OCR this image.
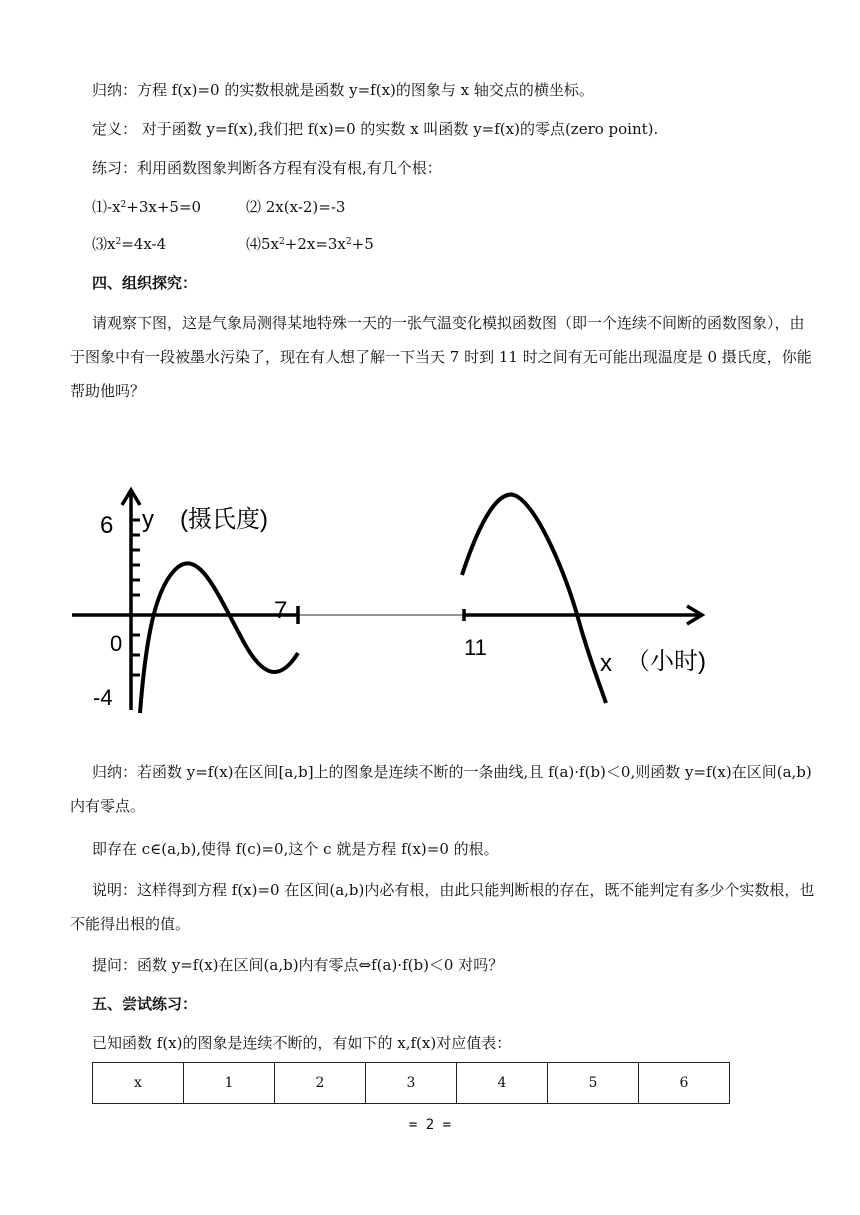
归纳：方程 f(x)=0 的实数根就是函数 y=f(x)的图象与 x 轴交点的横坐标。
定义： 对于函数 y=f(x),我们把 f(x)=0 的实数 x 叫函数 y=f(x)的零点(zero point).
练习：利用函数图象判断各方程有没有根,有几个根：
$⑴-x^2+3x+5=0$	⑵ 2x(x-2)=-3
$⑶x^2=4x-4$	$⑷5x^2+2x=3x^2+5$
四、组织探究：
请观察下图，这是气象局测得某地特殊一天的一张气温变化模拟函数图（即一个连续不间断的函数图象），由于图象中有一段被墨水污染了，现在有人想了解一下当天 7 时到 11 时之间有无可能出现温度是 0 摄氏度，你能帮助他吗？
6 y (摄氏度)
7
0
-4
11
x （小时)
归纳：若函数 y=f(x)在区间[a,b]上的图象是连续不断的一条曲线,且 f(a)·f(b)＜0,则函数 y=f(x)在区间(a,b)内有零点。
即存在 c∈(a,b),使得 f(c)=0,这个 c 就是方程 f(x)=0 的根。
说明：这样得到方程 f(x)=0 在区间(a,b)内必有根，由此只能判断根的存在，既不能判定有多少个实数根，也不能得出根的值。
提问：函数 y=f(x)在区间(a,b)内有零点⇔f(a)·f(b)＜0 对吗？
五、尝试练习：
已知函数 f(x)的图象是连续不断的，有如下的 x,f(x)对应值表：
x	1	2	3	4	5	6
= 2 =
